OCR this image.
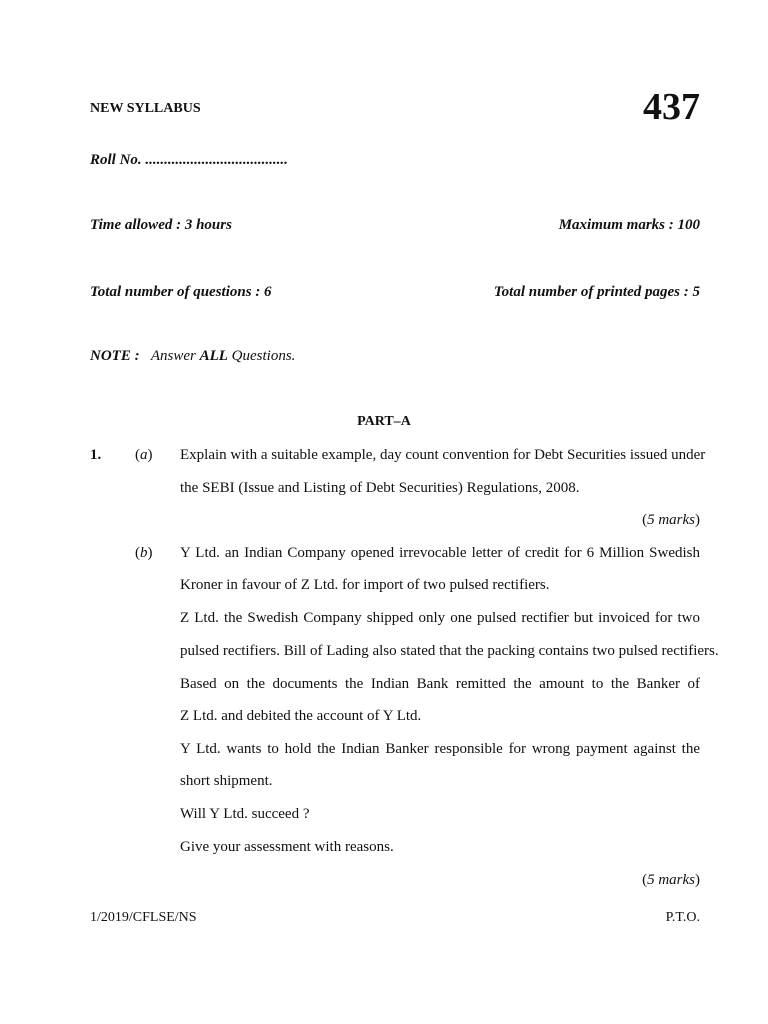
NEW SYLLABUS	437
Roll No. ......................................
Time allowed : 3 hours	Maximum marks : 100
Total number of questions : 6	Total number of printed pages : 5
NOTE : Answer ALL Questions.
PART–A
1. (a) Explain with a suitable example, day count convention for Debt Securities issued under
the SEBI (Issue and Listing of Debt Securities) Regulations, 2008.
(5 marks)
(b) Y Ltd. an Indian Company opened irrevocable letter of credit for 6 Million Swedish
Kroner in favour of Z Ltd. for import of two pulsed rectifiers.
Z Ltd. the Swedish Company shipped only one pulsed rectifier but invoiced for two
pulsed rectifiers. Bill of Lading also stated that the packing contains two pulsed rectifiers.
Based on the documents the Indian Bank remitted the amount to the Banker of
Z Ltd. and debited the account of Y Ltd.
Y Ltd. wants to hold the Indian Banker responsible for wrong payment against the
short shipment.
Will Y Ltd. succeed ?
Give your assessment with reasons.
(5 marks)
1/2019/CFLSE/NS	P.T.O.
